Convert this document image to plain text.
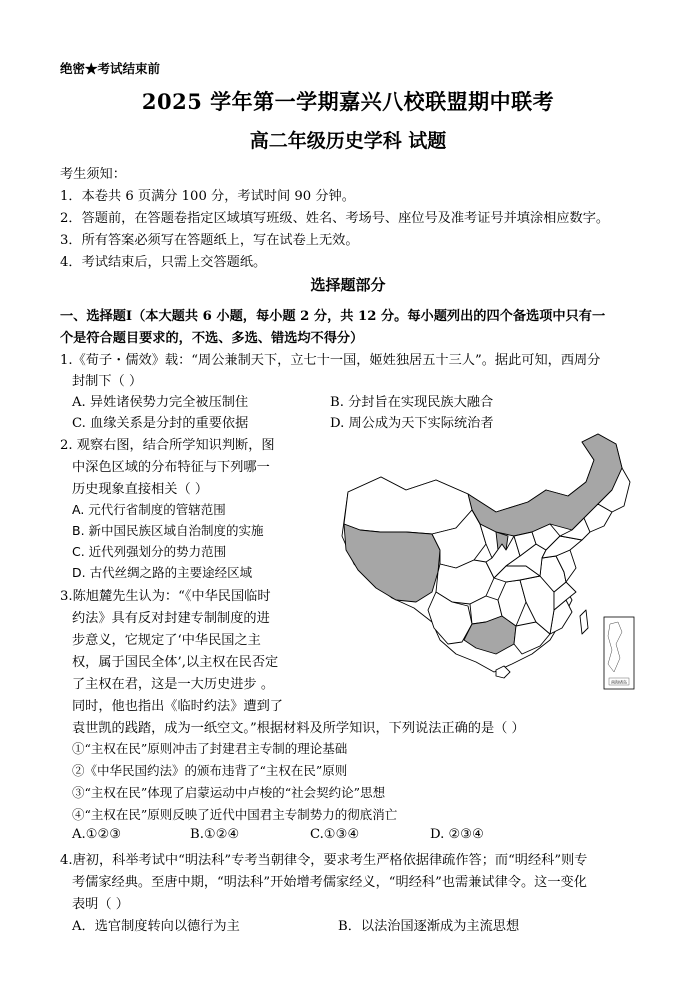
绝密★考试结束前
2025 学年第一学期嘉兴八校联盟期中联考
高二年级历史学科 试题
考生须知：
1．本卷共 6 页满分 100 分，考试时间 90 分钟。
2．答题前，在答题卷指定区域填写班级、姓名、考场号、座位号及准考证号并填涂相应数字。
3．所有答案必须写在答题纸上，写在试卷上无效。
4．考试结束后，只需上交答题纸。
选择题部分
一、选择题Ⅰ（本大题共 6 小题，每小题 2 分，共 12 分。每小题列出的四个备选项中只有一
个是符合题目要求的，不选、多选、错选均不得分）
1.《荀子・儒效》载：“周公兼制天下，立七十一国，姬姓独居五十三人”。据此可知，西周分
封制下（ ）
A. 异姓诸侯势力完全被压制住	B. 分封旨在实现民族大融合
C. 血缘关系是分封的重要依据	D. 周公成为天下实际统治者
2. 观察右图，结合所学知识判断，图
中深色区域的分布特征与下列哪一
历史现象直接相关（ ）
A. 元代行省制度的管辖范围
B. 新中国民族区域自治制度的实施
C. 近代列强划分的势力范围
D. 古代丝绸之路的主要途经区域
南海诸岛
3.陈旭麓先生认为：“《中华民国临时
约法》具有反对封建专制制度的进
步意义，它规定了‘中华民国之主
权，属于国民全体’,以主权在民否定
了主权在君，这是一大历史进步 。
同时，他也指出《临时约法》遭到了
袁世凯的践踏，成为一纸空文。”根据材料及所学知识，下列说法正确的是（ ）
①“主权在民”原则冲击了封建君主专制的理论基础
②《中华民国约法》的颁布违背了“主权在民”原则
③“主权在民”体现了启蒙运动中卢梭的“社会契约论”思想
④“主权在民”原则反映了近代中国君主专制势力的彻底消亡
A.①②③	B.①②④	C.①③④	D. ②③④
4.唐初，科举考试中“明法科”专考当朝律令，要求考生严格依据律疏作答；而“明经科”则专
考儒家经典。至唐中期，“明法科”开始增考儒家经义，“明经科”也需兼试律令。这一变化
表明（ ）
A．选官制度转向以德行为主	B．以法治国逐渐成为主流思想
